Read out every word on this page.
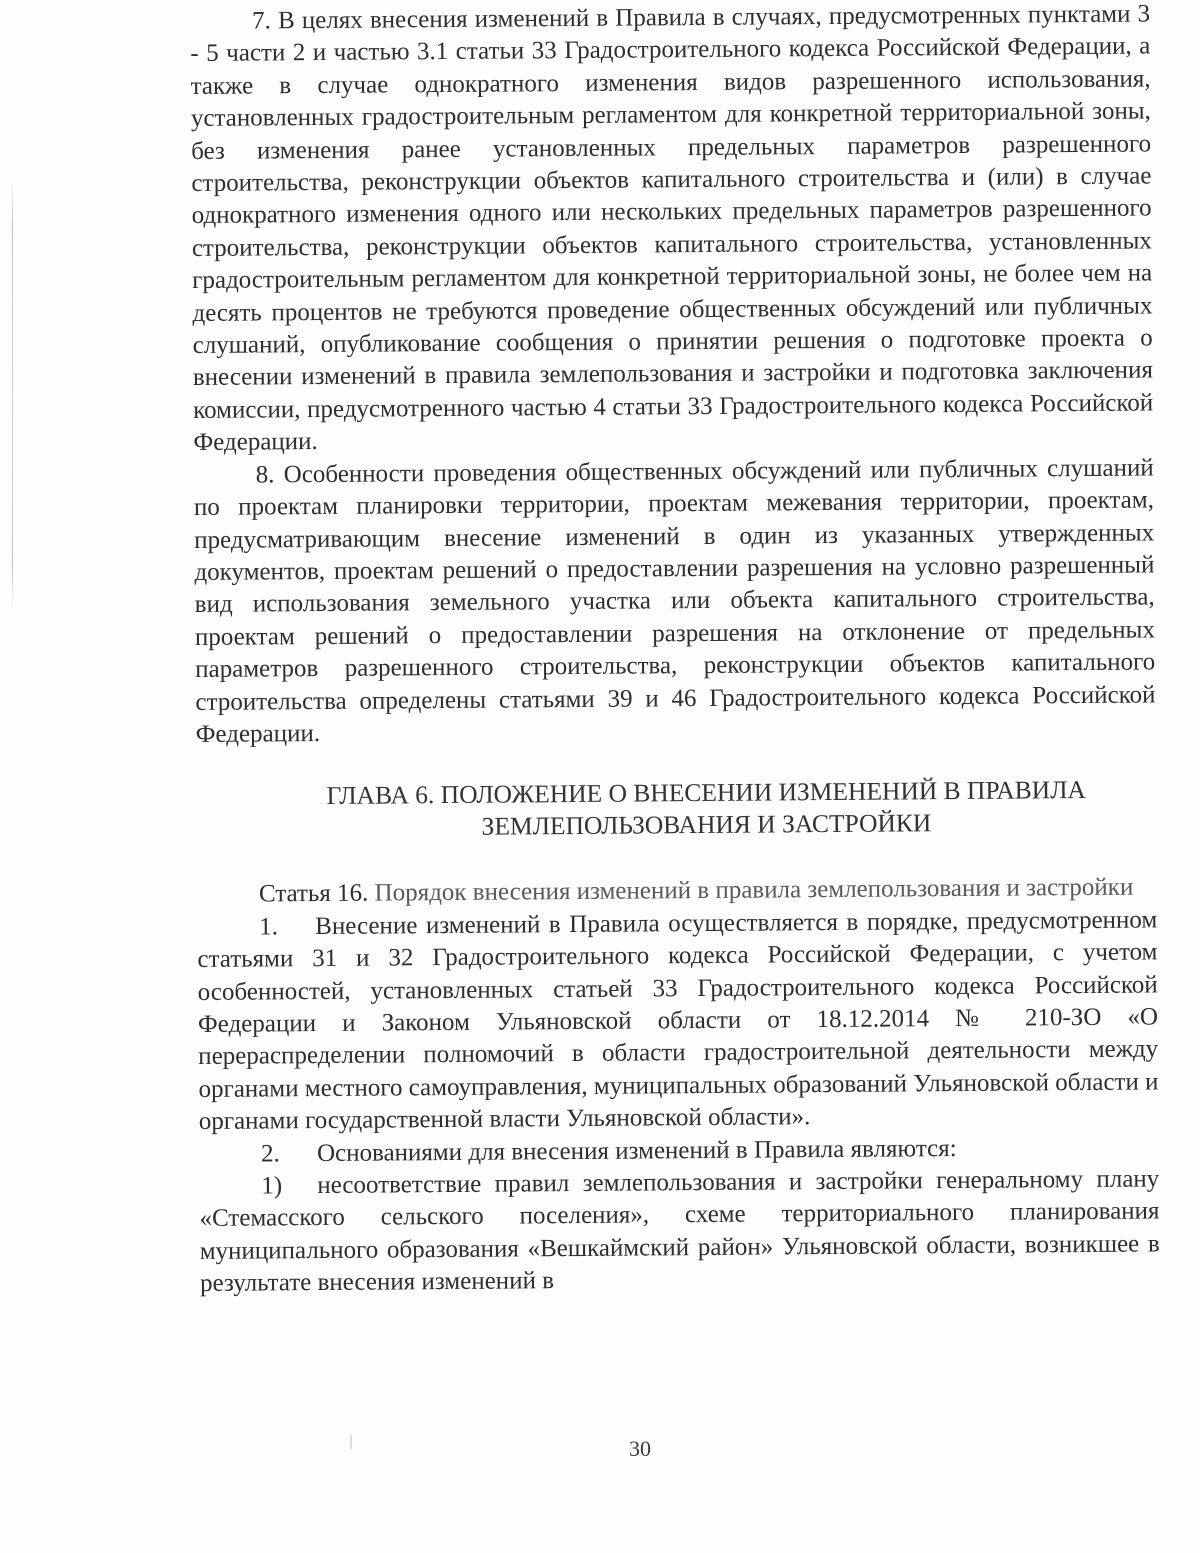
7. В целях внесения изменений в Правила в случаях, предусмотренных пунктами 3 - 5 части 2 и частью 3.1 статьи 33 Градостроительного кодекса Российской Федерации, а также в случае однократного изменения видов разрешенного использования, установленных градостроительным регламентом для конкретной территориальной зоны, без изменения ранее установленных предельных параметров разрешенного строительства, реконструкции объектов капитального строительства и (или) в случае однократного изменения одного или нескольких предельных параметров разрешенного строительства, реконструкции объектов капитального строительства, установленных градостроительным регламентом для конкретной территориальной зоны, не более чем на десять процентов не требуются проведение общественных обсуждений или публичных слушаний, опубликование сообщения о принятии решения о подготовке проекта о внесении изменений в правила землепользования и застройки и подготовка заключения комиссии, предусмотренного частью 4 статьи 33 Градостроительного кодекса Российской Федерации.

8. Особенности проведения общественных обсуждений или публичных слушаний по проектам планировки территории, проектам межевания территории, проектам, предусматривающим внесение изменений в один из указанных утвержденных документов, проектам решений о предоставлении разрешения на условно разрешенный вид использования земельного участка или объекта капитального строительства, проектам решений о предоставлении разрешения на отклонение от предельных параметров разрешенного строительства, реконструкции объектов капитального строительства определены статьями 39 и 46 Градостроительного кодекса Российской Федерации.

ГЛАВА 6. ПОЛОЖЕНИЕ О ВНЕСЕНИИ ИЗМЕНЕНИЙ В ПРАВИЛА
ЗЕМЛЕПОЛЬЗОВАНИЯ И ЗАСТРОЙКИ

Статья 16. Порядок внесения изменений в правила землепользования и застройки

1. Внесение изменений в Правила осуществляется в порядке, предусмотренном статьями 31 и 32 Градостроительного кодекса Российской Федерации, с учетом особенностей, установленных статьей 33 Градостроительного кодекса Российской Федерации и Законом Ульяновской области от 18.12.2014 № 210-ЗО «О перераспределении полномочий в области градостроительной деятельности между органами местного самоуправления, муниципальных образований Ульяновской области и органами государственной власти Ульяновской области».

2. Основаниями для внесения изменений в Правила являются:

1) несоответствие правил землепользования и застройки генеральному плану «Стемасского сельского поселения», схеме территориального планирования муниципального образования «Вешкаймский район» Ульяновской области, возникшее в результате внесения изменений в

30
